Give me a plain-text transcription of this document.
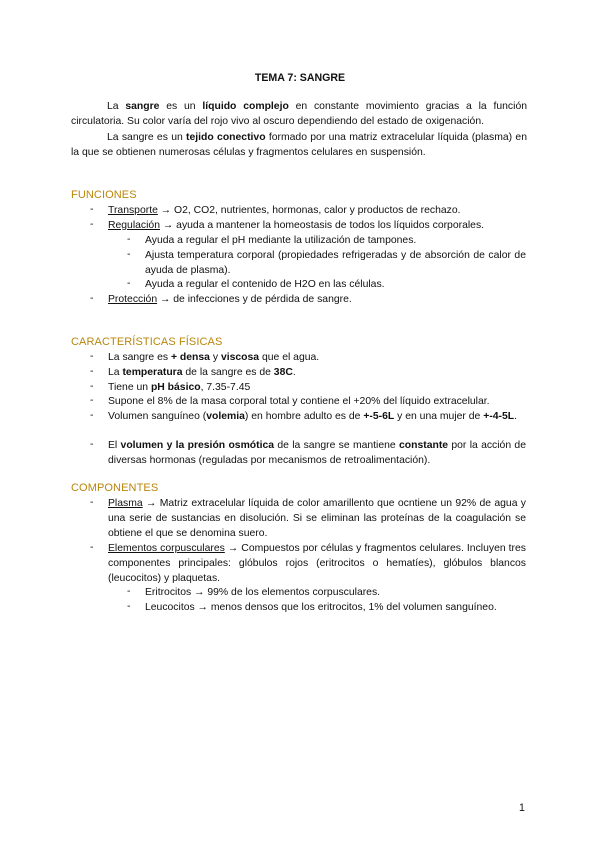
TEMA 7: SANGRE
La sangre es un líquido complejo en constante movimiento gracias a la función circulatoria. Su color varía del rojo vivo al oscuro dependiendo del estado de oxigenación.
La sangre es un tejido conectivo formado por una matriz extracelular líquida (plasma) en la que se obtienen numerosas células y fragmentos celulares en suspensión.
FUNCIONES
- Transporte → O2, CO2, nutrientes, hormonas, calor y productos de rechazo.
- Regulación → ayuda a mantener la homeostasis de todos los líquidos corporales.
- Ayuda a regular el pH mediante la utilización de tampones.
- Ajusta temperatura corporal (propiedades refrigeradas y de absorción de calor de ayuda de plasma).
- Ayuda a regular el contenido de H2O en las células.
- Protección → de infecciones y de pérdida de sangre.
CARACTERÍSTICAS FÍSICAS
- La sangre es + densa y viscosa que el agua.
- La temperatura de la sangre es de 38C.
- Tiene un pH básico, 7.35-7.45
- Supone el 8% de la masa corporal total y contiene el +20% del líquido extracelular.
- Volumen sanguíneo (volemia) en hombre adulto es de +-5-6L y en una mujer de +-4-5L.
- El volumen y la presión osmótica de la sangre se mantiene constante por la acción de diversas hormonas (reguladas por mecanismos de retroalimentación).
COMPONENTES
- Plasma → Matriz extracelular líquida de color amarillento que ocntiene un 92% de agua y una serie de sustancias en disolución. Si se eliminan las proteínas de la coagulación se obtiene el que se denomina suero.
- Elementos corpusculares → Compuestos por células y fragmentos celulares. Incluyen tres componentes principales: glóbulos rojos (eritrocitos o hematíes), glóbulos blancos (leucocitos) y plaquetas.
- Eritrocitos → 99% de los elementos corpusculares.
- Leucocitos → menos densos que los eritrocitos, 1% del volumen sanguíneo.
1
